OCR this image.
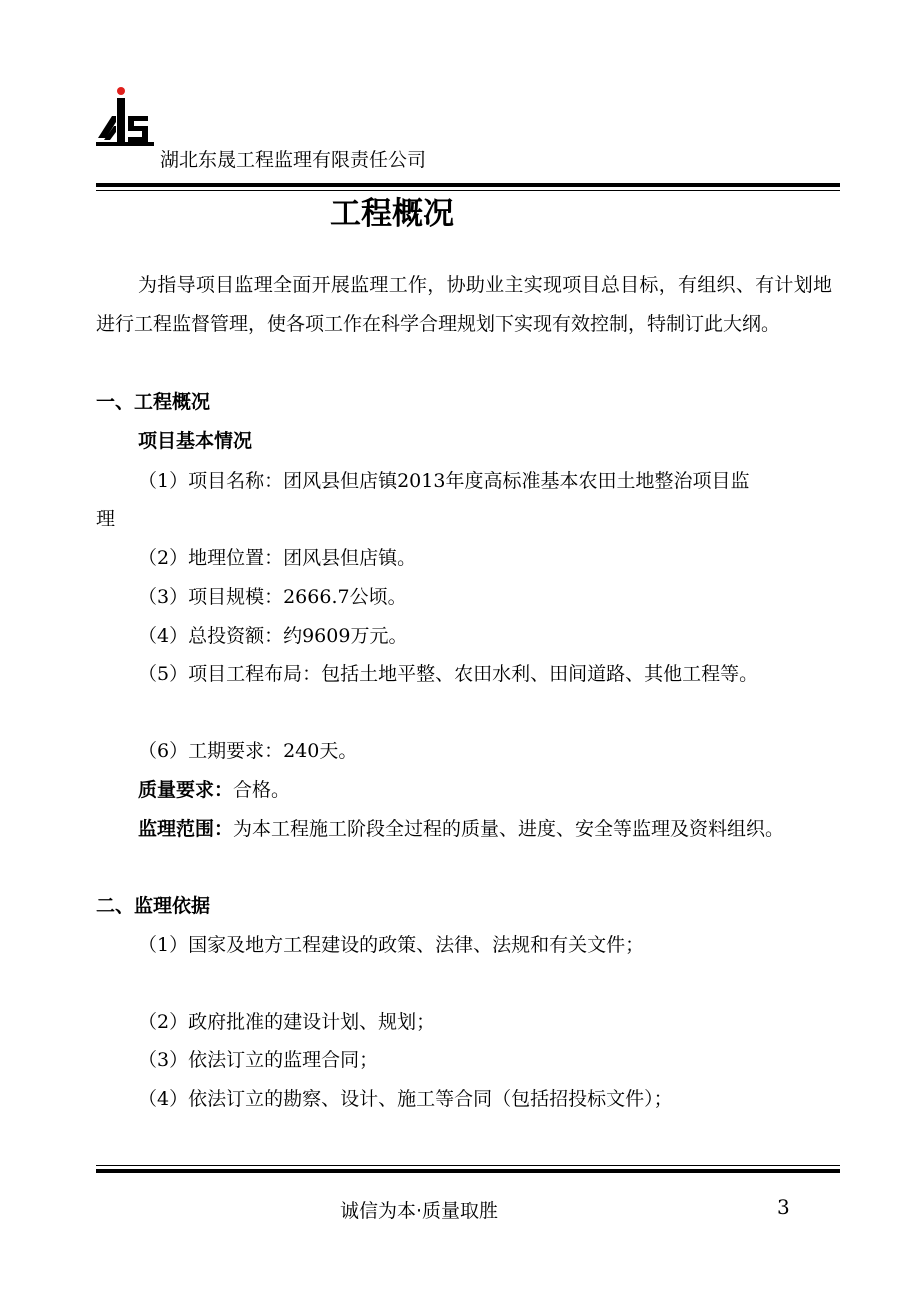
湖北东晟工程监理有限责任公司
工程概况
为指导项目监理全面开展监理工作，协助业主实现项目总目标，有组织、有计划地进行工程监督管理，使各项工作在科学合理规划下实现有效控制，特制订此大纲。
一、工程概况
项目基本情况
（1）项目名称：团风县但店镇2013年度高标准基本农田土地整治项目监
理
（2）地理位置：团风县但店镇。
（3）项目规模：2666.7公顷。
（4）总投资额：约9609万元。
（5）项目工程布局：包括土地平整、农田水利、田间道路、其他工程等。
（6）工期要求：240天。
质量要求：合格。
监理范围：为本工程施工阶段全过程的质量、进度、安全等监理及资料组织。
二、监理依据
（1）国家及地方工程建设的政策、法律、法规和有关文件；
（2）政府批准的建设计划、规划；
（3）依法订立的监理合同；
（4）依法订立的勘察、设计、施工等合同（包括招投标文件）；
诚信为本·质量取胜	3
